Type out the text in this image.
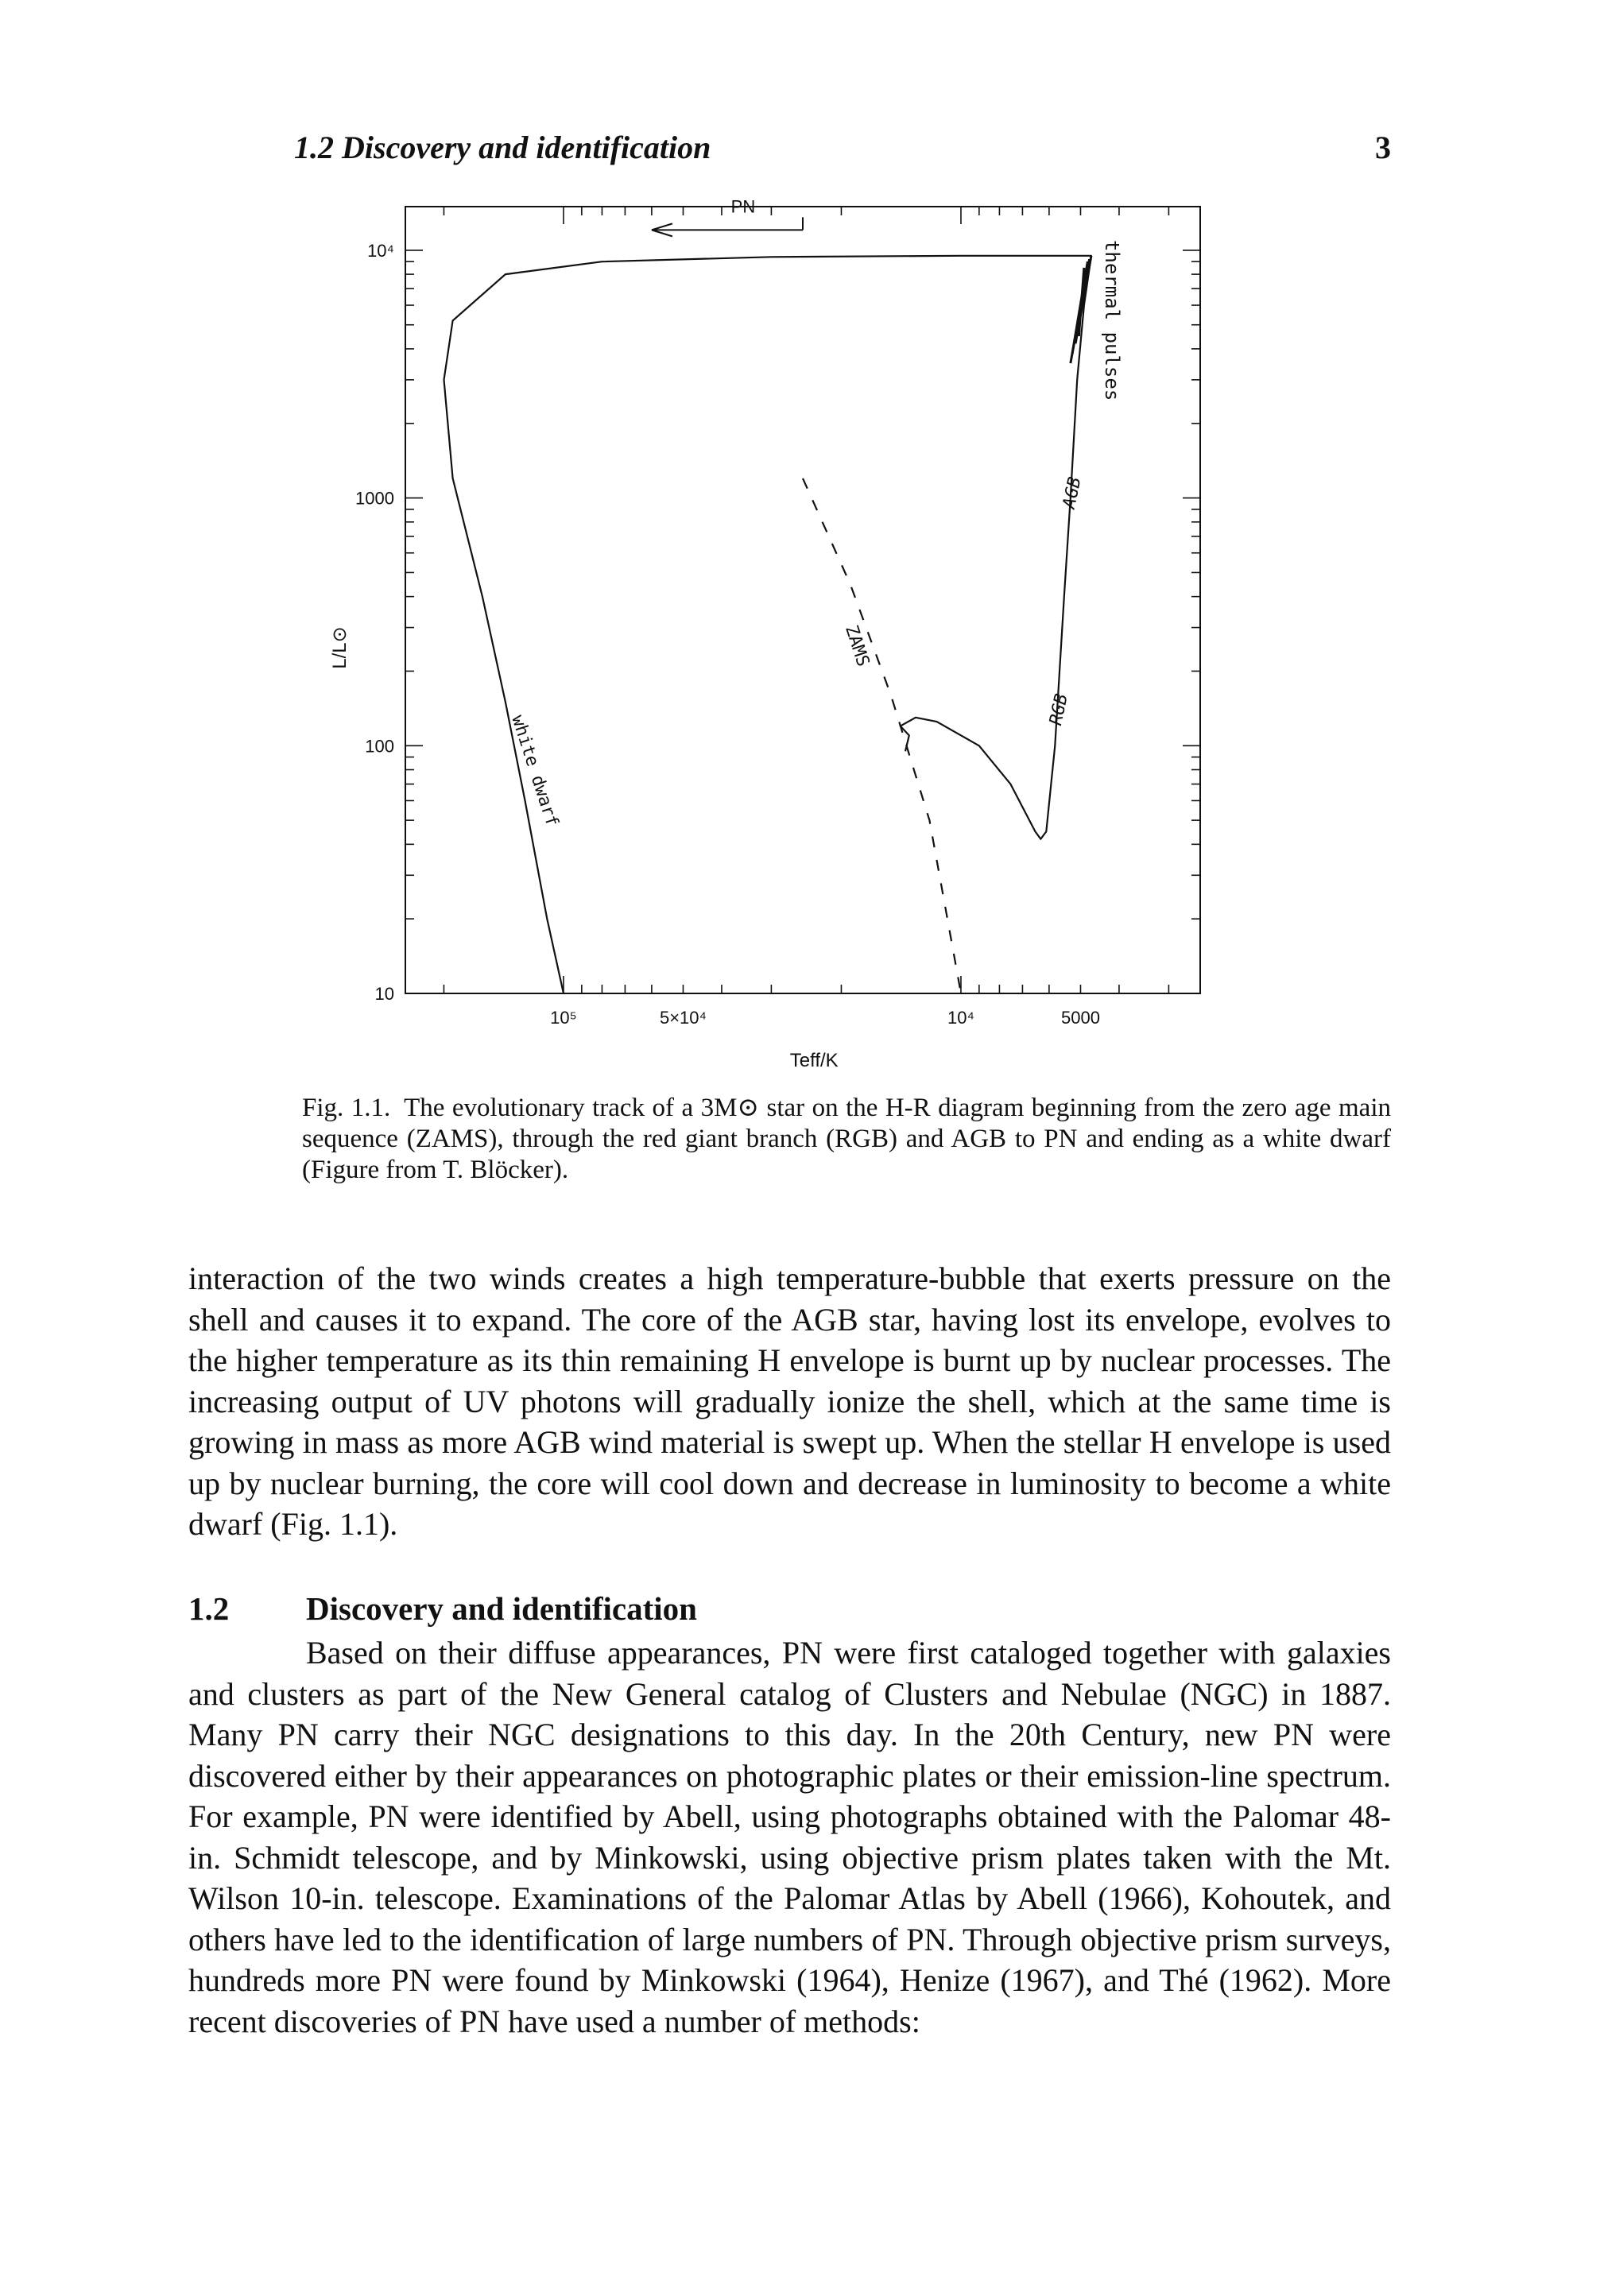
1.2 Discovery and identification	3
10
100
1000
10⁴
10⁵	5×10⁴	10⁴	5000
Teff/K
L/L⊙
PN
thermal pulses
AGB
RGB
ZAMS
white dwarf
Fig. 1.1. The evolutionary track of a 3M⊙ star on the H-R diagram beginning from the zero age main sequence (ZAMS), through the red giant branch (RGB) and AGB to PN and ending as a white dwarf (Figure from T. Blöcker).

interaction of the two winds creates a high temperature-bubble that exerts pressure on the shell and causes it to expand. The core of the AGB star, having lost its envelope, evolves to the higher temperature as its thin remaining H envelope is burnt up by nuclear processes. The increasing output of UV photons will gradually ionize the shell, which at the same time is growing in mass as more AGB wind material is swept up. When the stellar H envelope is used up by nuclear burning, the core will cool down and decrease in luminosity to become a white dwarf (Fig. 1.1).

1.2 Discovery and identification

Based on their diffuse appearances, PN were first cataloged together with galaxies and clusters as part of the New General catalog of Clusters and Nebulae (NGC) in 1887. Many PN carry their NGC designations to this day. In the 20th Century, new PN were discovered either by their appearances on photographic plates or their emission-line spectrum. For example, PN were identified by Abell, using photographs obtained with the Palomar 48-in. Schmidt telescope, and by Minkowski, using objective prism plates taken with the Mt. Wilson 10-in. telescope. Examinations of the Palomar Atlas by Abell (1966), Kohoutek, and others have led to the identification of large numbers of PN. Through objective prism surveys, hundreds more PN were found by Minkowski (1964), Henize (1967), and Thé (1962). More recent discoveries of PN have used a number of methods:
